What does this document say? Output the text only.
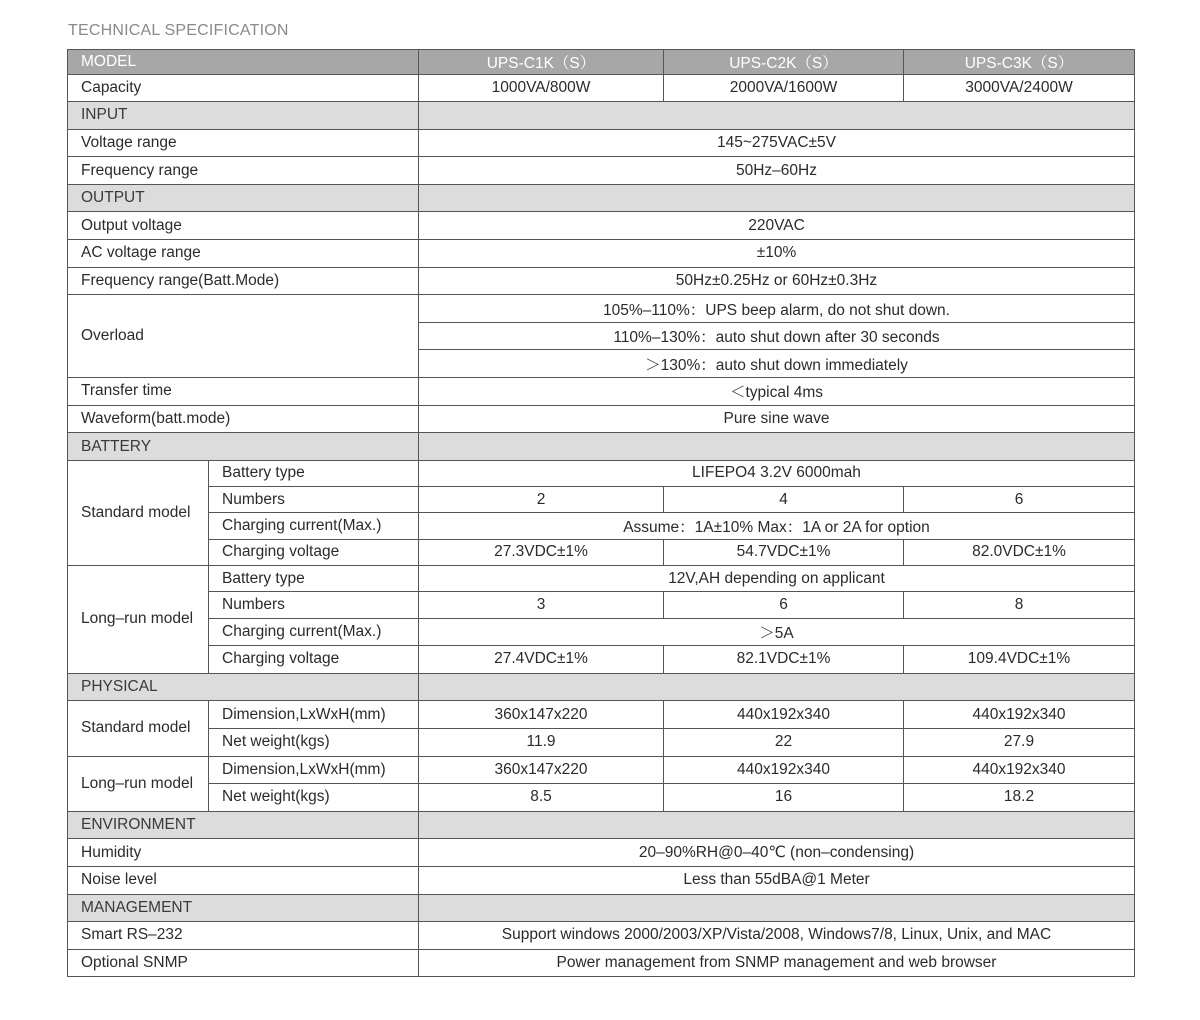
TECHNICAL SPECIFICATION
MODEL		UPS-C1K（S）	UPS-C2K（S）	UPS-C3K（S）
Capacity		1000VA/800W	2000VA/1600W	3000VA/2400W
INPUT				
Voltage range		145~275VAC±5V		
Frequency range		50Hz–60Hz		
OUTPUT				
Output voltage		220VAC		
AC voltage range		±10%		
Frequency range(Batt.Mode)		50Hz±0.25Hz or 60Hz±0.3Hz		
Overload		105%–110%：UPS beep alarm, do not shut down.		
		110%–130%：auto shut down after 30 seconds		
		＞130%：auto shut down immediately		
Transfer time		＜typical 4ms		
Waveform(batt.mode)		Pure sine wave		
BATTERY				
Standard model	Battery type	LIFEPO4 3.2V 6000mah		
	Numbers	2	4	6
	Charging current(Max.)	Assume：1A±10% Max：1A or 2A for option		
	Charging voltage	27.3VDC±1%	54.7VDC±1%	82.0VDC±1%
Long–run model	Battery type	12V,AH depending on applicant		
	Numbers	3	6	8
	Charging current(Max.)	＞5A		
	Charging voltage	27.4VDC±1%	82.1VDC±1%	109.4VDC±1%
PHYSICAL				
Standard model	Dimension,LxWxH(mm)	360x147x220	440x192x340	440x192x340
	Net weight(kgs)	11.9	22	27.9
Long–run model	Dimension,LxWxH(mm)	360x147x220	440x192x340	440x192x340
	Net weight(kgs)	8.5	16	18.2
ENVIRONMENT				
Humidity		20–90%RH@0–40℃ (non–condensing)		
Noise level		Less than 55dBA@1 Meter		
MANAGEMENT				
Smart RS–232		Support windows 2000/2003/XP/Vista/2008, Windows7/8, Linux, Unix, and MAC		
Optional SNMP		Power management from SNMP management and web browser		
